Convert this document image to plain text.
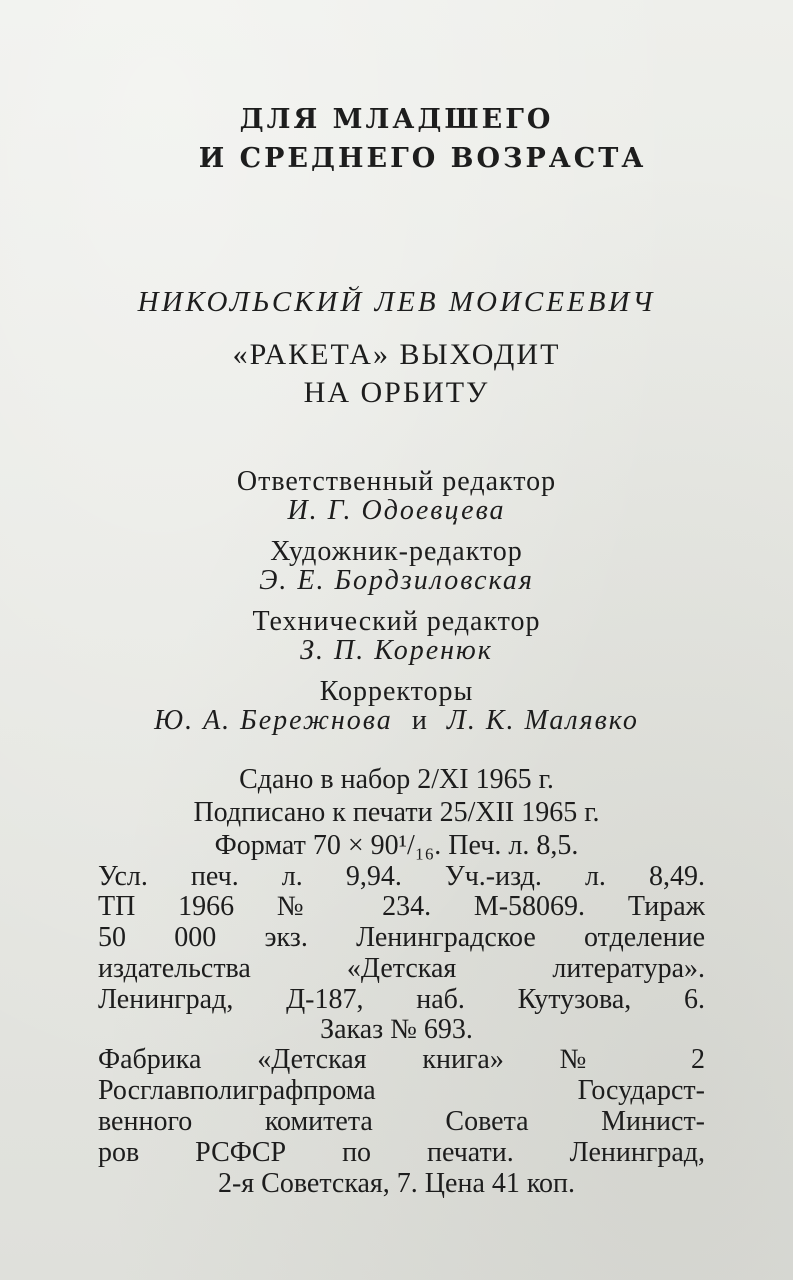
ДЛЯ МЛАДШЕГО
И СРЕДНЕГО ВОЗРАСТА
НИКОЛЬСКИЙ ЛЕВ МОИСЕЕВИЧ
«РАКЕТА» ВЫХОДИТ
НА ОРБИТУ
Ответственный редактор
И. Г. Одоевцева
Художник-редактор
Э. Е. Бордзиловская
Технический редактор
З. П. Коренюк
Корректоры
Ю. А. Бережнова и Л. К. Малявко
Сдано в набор 2/XI 1965 г.
Подписано к печати 25/XII 1965 г.
Формат 70 × 90¹/₁₆. Печ. л. 8,5.
Усл. печ. л. 9,94. Уч.-изд. л. 8,49.
ТП 1966 № 234. М-58069. Тираж
50 000 экз. Ленинградское отделение
издательства «Детская литература».
Ленинград, Д-187, наб. Кутузова, 6.
Заказ № 693.
Фабрика «Детская книга» № 2
Росглавполиграфпрома Государст-
венного комитета Совета Минист-
ров РСФСР по печати. Ленинград,
2-я Советская, 7. Цена 41 коп.
